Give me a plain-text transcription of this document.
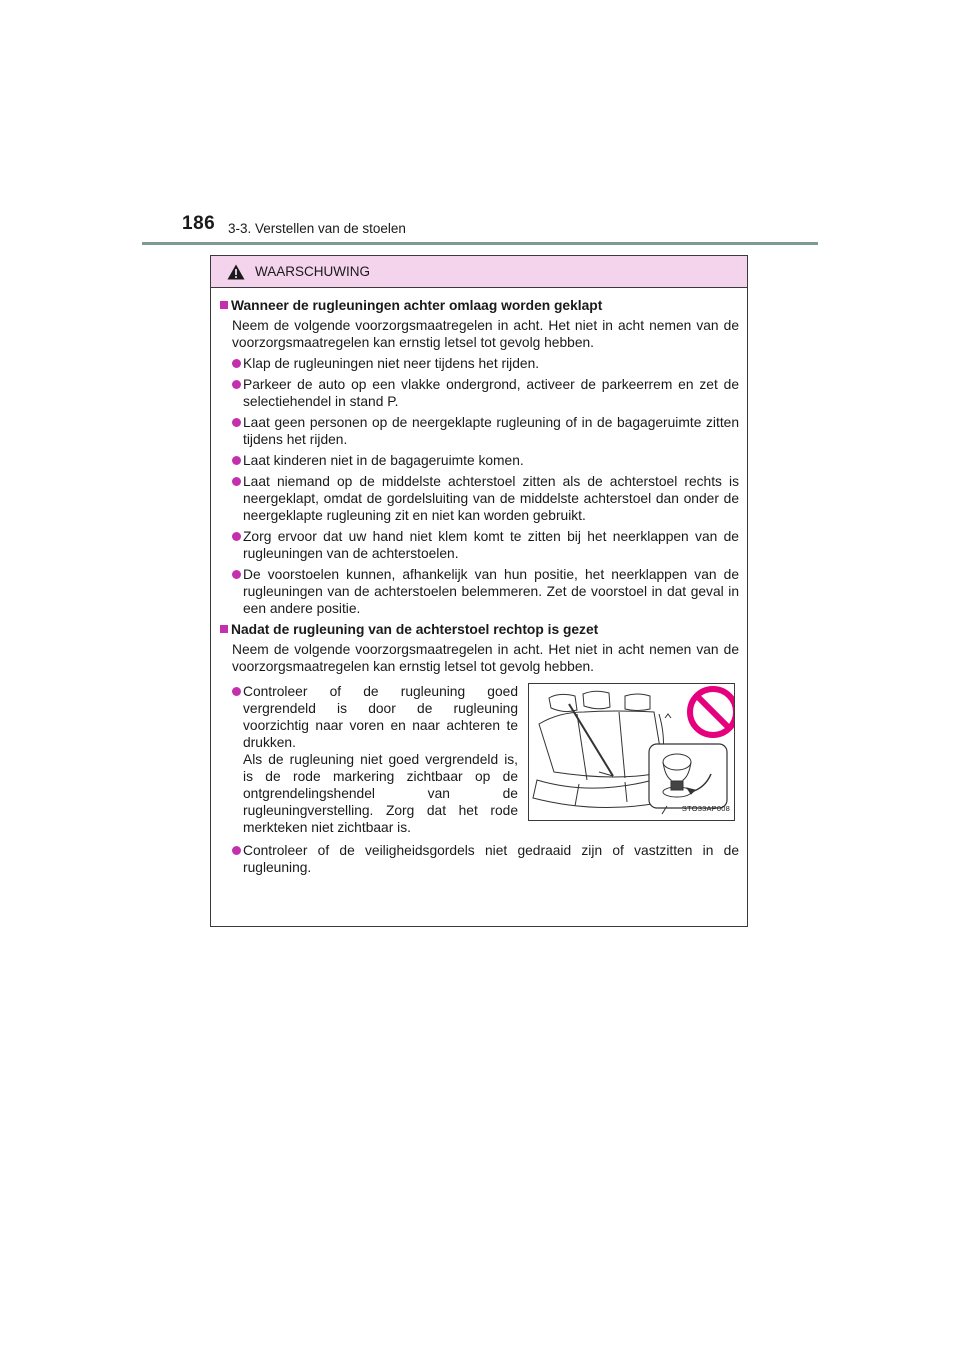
186 3-3. Verstellen van de stoelen
WAARSCHUWING
Wanneer de rugleuningen achter omlaag worden geklapt
Neem de volgende voorzorgsmaatregelen in acht. Het niet in acht nemen van de voorzorgsmaatregelen kan ernstig letsel tot gevolg hebben.
Klap de rugleuningen niet neer tijdens het rijden.
Parkeer de auto op een vlakke ondergrond, activeer de parkeerrem en zet de selectiehendel in stand P.
Laat geen personen op de neergeklapte rugleuning of in de bagageruimte zitten tijdens het rijden.
Laat kinderen niet in de bagageruimte komen.
Laat niemand op de middelste achterstoel zitten als de achterstoel rechts is neergeklapt, omdat de gordelsluiting van de middelste achterstoel dan onder de neergeklapte rugleuning zit en niet kan worden gebruikt.
Zorg ervoor dat uw hand niet klem komt te zitten bij het neerklappen van de rugleuningen van de achterstoelen.
De voorstoelen kunnen, afhankelijk van hun positie, het neerklappen van de rugleuningen van de achterstoelen belemmeren. Zet de voorstoel in dat geval in een andere positie.
Nadat de rugleuning van de achterstoel rechtop is gezet
Neem de volgende voorzorgsmaatregelen in acht. Het niet in acht nemen van de voorzorgsmaatregelen kan ernstig letsel tot gevolg hebben.
Controleer of de rugleuning goed vergrendeld is door de rugleuning voorzichtig naar voren en naar achteren te drukken.
Als de rugleuning niet goed vergrendeld is, is de rode markering zichtbaar op de ontgrendelingshendel van de rugleuningverstelling. Zorg dat het rode merkteken niet zichtbaar is.
STO33AP008
Controleer of de veiligheidsgordels niet gedraaid zijn of vastzitten in de rugleuning.
